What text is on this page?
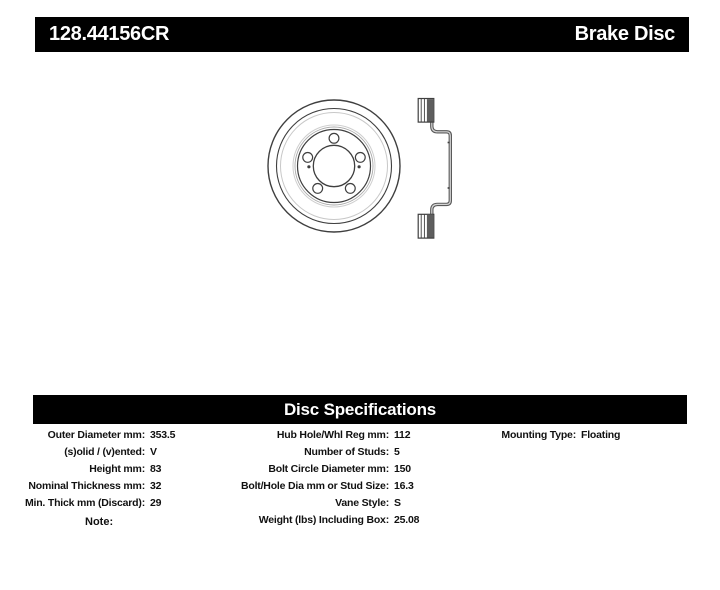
128.44156CR	Brake Disc
Disc Specifications
Outer Diameter mm: 353.5
(s)olid / (v)ented: V
Height mm: 83
Nominal Thickness mm: 32
Min. Thick mm (Discard): 29
Hub Hole/Whl Reg mm: 112
Number of Studs: 5
Bolt Circle Diameter mm: 150
Bolt/Hole Dia mm or Stud Size: 16.3
Vane Style: S
Weight (lbs) Including Box: 25.08
Mounting Type: Floating
Note:
